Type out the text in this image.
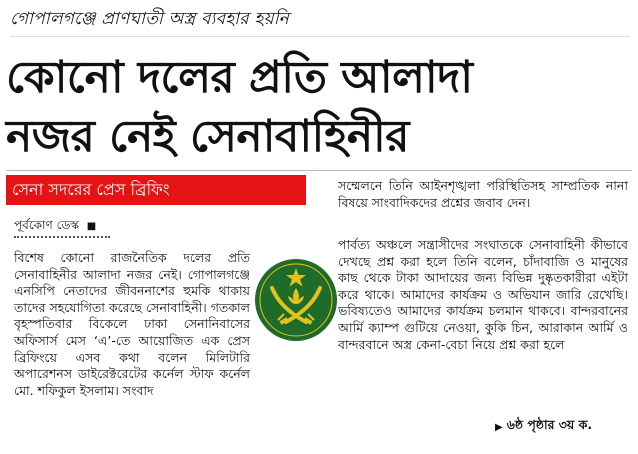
গোপালগঞ্জে প্রাণঘাতী অস্ত্র ব্যবহার হয়নি
কোনো দলের প্রতি আলাদা
নজর নেই সেনাবাহিনীর
সেনা সদরের প্রেস ব্রিফিং
পূর্বকোণ ডেস্ক ■
বিশেষ কোনো রাজনৈতিক দলের প্রতি সেনাবাহিনীর আলাদা নজর নেই। গোপালগঞ্জে এনসিপি নেতাদের জীবননাশের হুমকি থাকায় তাদের সহযোগিতা করেছে সেনাবাহিনী। গতকাল বৃহস্পতিবার বিকেলে ঢাকা সেনানিবাসের অফিসার্স মেস ‘এ’-তে আয়োজিত এক প্রেস ব্রিফিংয়ে এসব কথা বলেন মিলিটারি অপারেশনস ডাইরেক্টরেটের কর্নেল স্টাফ কর্নেল মো. শফিকুল ইসলাম। সংবাদ
সম্মেলনে তিনি আইনশৃঙ্খলা পরিস্থিতিসহ সাম্প্রতিক নানা বিষয়ে সাংবাদিকদের প্রশ্নের জবাব দেন।
পার্বত্য অঞ্চলে সন্ত্রাসীদের সংঘাতকে সেনাবাহিনী কীভাবে দেখছে প্রশ্ন করা হলে তিনি বলেন, চাঁদাবাজি ও মানুষের কাছ থেকে টাকা আদায়ের জন্য বিভিন্ন দুষ্কৃতকারীরা এইটা করে থাকে। আমাদের কার্যক্রম ও অভিযান জারি রেখেছি। ভবিষ্যতেও আমাদের কার্যক্রম চলমান থাকবে। বান্দরবানের আর্মি ক্যাম্প গুটিয়ে নেওয়া, কুকি চিন, আরাকান আর্মি ও বান্দরবানে অস্ত্র কেনা-বেচা নিয়ে প্রশ্ন করা হলে
▶ ৬ষ্ঠ পৃষ্ঠার ৩য় ক.
